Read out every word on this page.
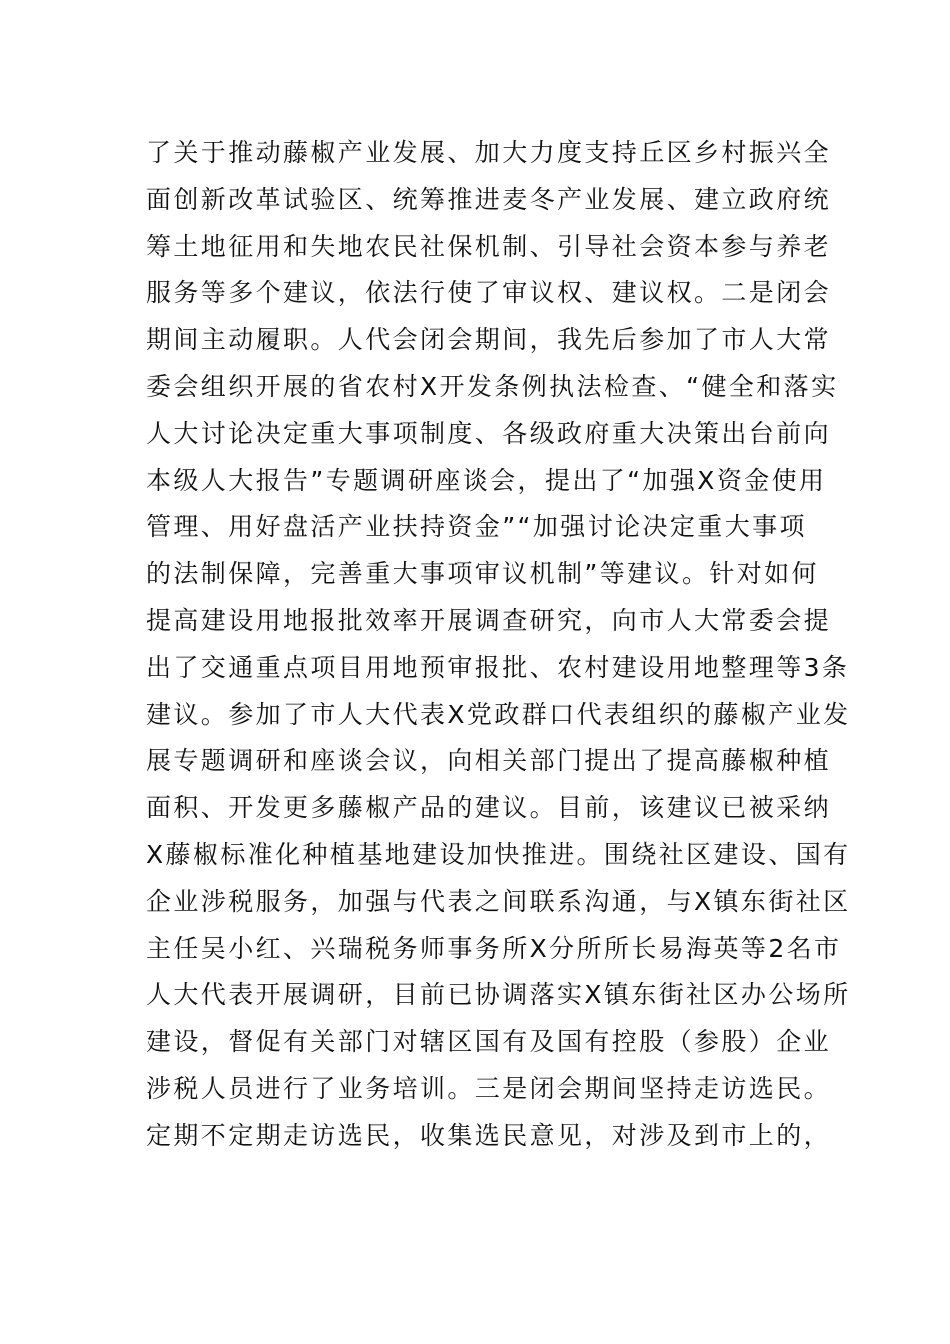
了关于推动藤椒产业发展、加大力度支持丘区乡村振兴全
面创新改革试验区、统筹推进麦冬产业发展、建立政府统
筹土地征用和失地农民社保机制、引导社会资本参与养老
服务等多个建议，依法行使了审议权、建议权。二是闭会
期间主动履职。人代会闭会期间，我先后参加了市人大常
委会组织开展的省农村X开发条例执法检查、“健全和落实
人大讨论决定重大事项制度、各级政府重大决策出台前向
本级人大报告”专题调研座谈会，提出了“加强X资金使用
管理、用好盘活产业扶持资金”“加强讨论决定重大事项
的法制保障，完善重大事项审议机制”等建议。针对如何
提高建设用地报批效率开展调查研究，向市人大常委会提
出了交通重点项目用地预审报批、农村建设用地整理等3条
建议。参加了市人大代表X党政群口代表组织的藤椒产业发
展专题调研和座谈会议，向相关部门提出了提高藤椒种植
面积、开发更多藤椒产品的建议。目前，该建议已被采纳
X藤椒标准化种植基地建设加快推进。围绕社区建设、国有
企业涉税服务，加强与代表之间联系沟通，与X镇东街社区
主任吴小红、兴瑞税务师事务所X分所所长易海英等2名市
人大代表开展调研，目前已协调落实X镇东街社区办公场所
建设，督促有关部门对辖区国有及国有控股（参股）企业
涉税人员进行了业务培训。三是闭会期间坚持走访选民。
定期不定期走访选民，收集选民意见，对涉及到市上的，
